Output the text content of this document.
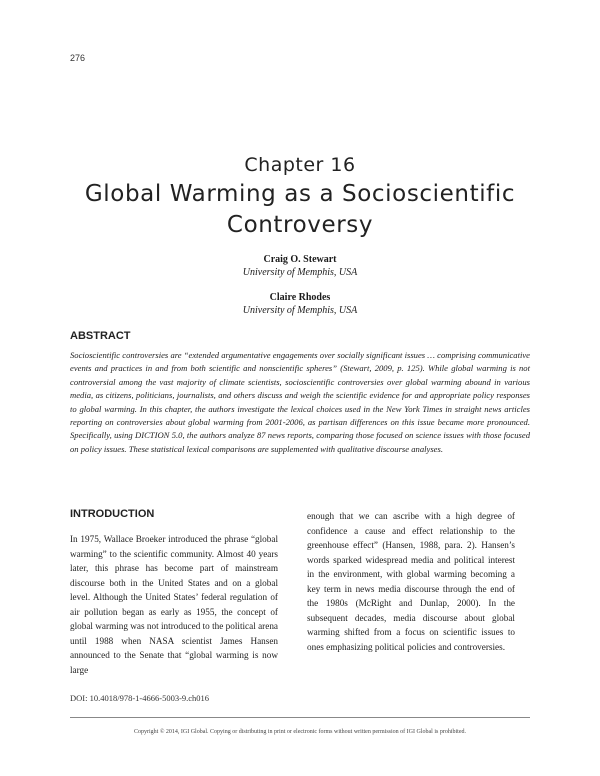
276
Chapter 16
Global Warming as a Socioscientific Controversy
Craig O. Stewart
University of Memphis, USA
Claire Rhodes
University of Memphis, USA
ABSTRACT

Socioscientific controversies are “extended argumentative engagements over socially significant issues … comprising communicative events and practices in and from both scientific and nonscientific spheres” (Stewart, 2009, p. 125). While global warming is not controversial among the vast majority of climate scientists, socioscientific controversies over global warming abound in various media, as citizens, politicians, journalists, and others discuss and weigh the scientific evidence for and appropriate policy responses to global warming. In this chapter, the authors investigate the lexical choices used in the New York Times in straight news articles reporting on controversies about global warming from 2001-2006, as partisan differences on this issue became more pronounced. Specifically, using DICTION 5.0, the authors analyze 87 news reports, comparing those focused on science issues with those focused on policy issues. These statistical lexical comparisons are supplemented with qualitative discourse analyses.

INTRODUCTION

In 1975, Wallace Broeker introduced the phrase “global warming” to the scientific community. Almost 40 years later, this phrase has become part of mainstream discourse both in the United States and on a global level. Although the United States’ federal regulation of air pollution began as early as 1955, the concept of global warming was not introduced to the political arena until 1988 when NASA scientist James Hansen announced to the Senate that “global warming is now large

enough that we can ascribe with a high degree of confidence a cause and effect relationship to the greenhouse effect” (Hansen, 1988, para. 2). Hansen’s words sparked widespread media and political interest in the environment, with global warming becoming a key term in news media discourse through the end of the 1980s (McRight and Dunlap, 2000). In the subsequent decades, media discourse about global warming shifted from a focus on scientific issues to ones emphasizing political policies and controversies.

DOI: 10.4018/978-1-4666-5003-9.ch016
Copyright © 2014, IGI Global. Copying or distributing in print or electronic forms without written permission of IGI Global is prohibited.
